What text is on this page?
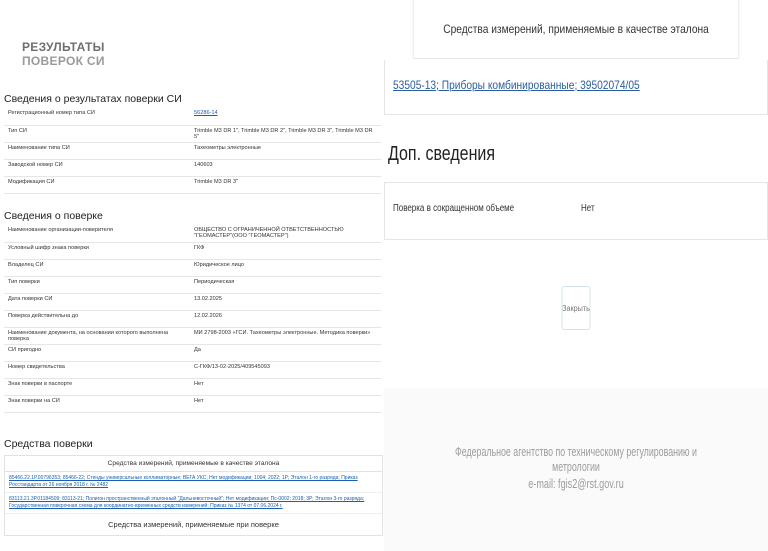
РЕЗУЛЬТАТЫ
ПОВЕРОК СИ
Сведения о результатах поверки СИ
Регистрационный номер типа СИ	56286-14
Тип СИ	Trimble M3 DR 1", Trimble M3 DR 2", Trimble M3 DR 3", Trimble M3 DR 5"
Наименование типа СИ	Тахеометры электронные
Заводской номер СИ	140603
Модификация СИ	Trimble M3 DR 3"
Сведения о поверке
Наименование организации-поверителя	ОБЩЕСТВО С ОГРАНИЧЕННОЙ ОТВЕТСТВЕННОСТЬЮ "ГЕОМАСТЕР"(ООО "ГЕОМАСТЕР")
Условный шифр знака поверки	ГКФ
Владелец СИ	Юридическое лицо
Тип поверки	Периодическая
Дата поверки СИ	13.02.2025
Поверка действительна до	12.02.2026
Наименование документа, на основании которого выполнена поверка	МИ 2798-2003 «ГСИ. Тахеометры электронные. Методика поверки»
СИ пригодно	Да
Номер свидетельства	С-ГКФ/13-02-2025/409545093
Знак поверки в паспорте	Нет
Знак поверки на СИ	Нет
Средства поверки
Средства измерений, применяемые в качестве эталона
85466.22.1Р.00796353; 85466-22; Стенды универсальные коллиматорные; ВЕГА УКС; Нет модификации; 1004; 2022; 1Р; Эталон 1-го разряда; Приказ Росстандарта от 26 ноября 2018 г. № 2482
83113.21.3Р.01184509; 83113-21; Полигон пространственный эталонный "Дальневосточный"; Нет модификации; Пс-0002; 2018; 3Р; Эталон 3-го разряда; Государственная поверочная схема для координатно-временных средств измерений; Приказ № 1374 от 07.06.2024 г.
Средства измерений, применяемые при поверке
Средства измерений, применяемые в качестве эталона
53505-13; Приборы комбинированные; 39502074/05
Доп. сведения
Поверка в сокращенном объеме	Нет
Закрыть
Федеральное агентство по техническому регулированию и метрологии
e-mail: fgis2@rst.gov.ru
